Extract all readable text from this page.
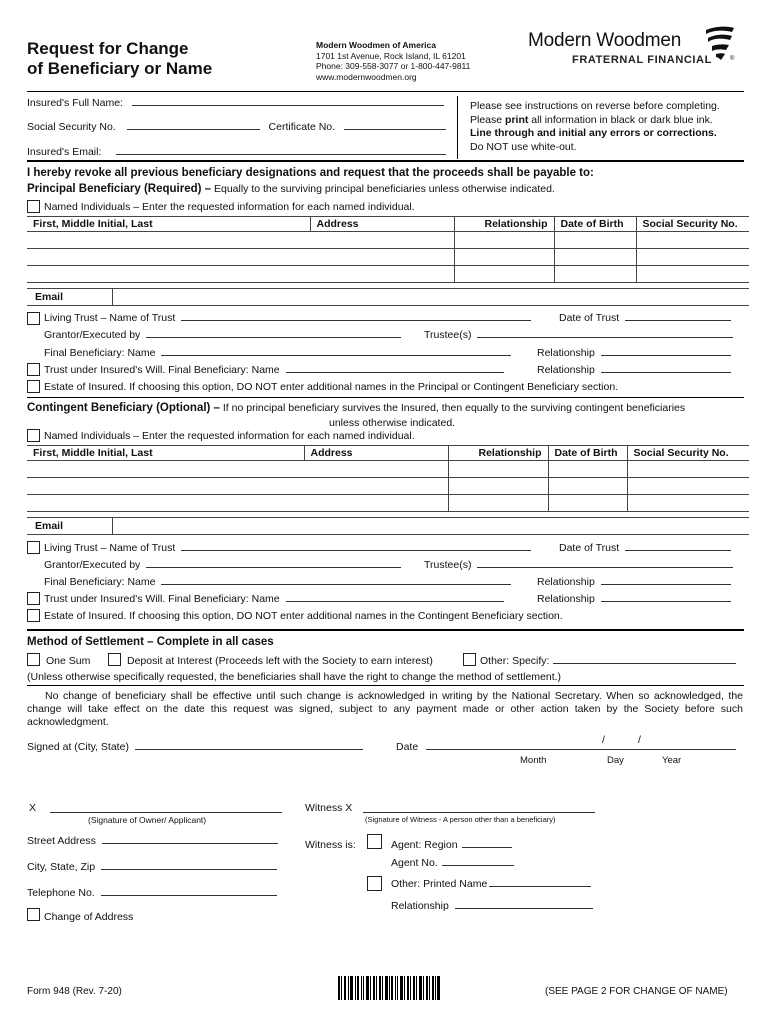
Request for Change
of Beneficiary or Name
Modern Woodmen of America
1701 1st Avenue, Rock Island, IL 61201
Phone: 309-558-3077 or 1-800-447-9811
www.modernwoodmen.org
Modern Woodmen
FRATERNAL FINANCIAL	®
Insured's Full Name:
Social Security No.	Certificate No.
Insured's Email:
Please see instructions on reverse before completing.
Please print all information in black or dark blue ink.
Line through and initial any errors or corrections.
Do NOT use white-out.
I hereby revoke all previous beneficiary designations and request that the proceeds shall be payable to:
Principal Beneficiary (Required) – Equally to the surviving principal beneficiaries unless otherwise indicated.
Named Individuals – Enter the requested information for each named individual.
First, Middle Initial, Last	Address	Relationship	Date of Birth	Social Security No.

Email
Living Trust – Name of Trust	Date of Trust
Grantor/Executed by	Trustee(s)
Final Beneficiary: Name	Relationship
Trust under Insured's Will. Final Beneficiary: Name	Relationship
Estate of Insured. If choosing this option, DO NOT enter additional names in the Principal or Contingent Beneficiary section.
Contingent Beneficiary (Optional) – If no principal beneficiary survives the Insured, then equally to the surviving contingent beneficiaries
unless otherwise indicated.
Named Individuals – Enter the requested information for each named individual.
First, Middle Initial, Last	Address	Relationship	Date of Birth	Social Security No.

Email
Living Trust – Name of Trust	Date of Trust
Grantor/Executed by	Trustee(s)
Final Beneficiary: Name	Relationship
Trust under Insured's Will. Final Beneficiary: Name	Relationship
Estate of Insured. If choosing this option, DO NOT enter additional names in the Contingent Beneficiary section.
Method of Settlement – Complete in all cases
One Sum	Deposit at Interest (Proceeds left with the Society to earn interest)	Other: Specify:
(Unless otherwise specifically requested, the beneficiaries shall have the right to change the method of settlement.)
No change of beneficiary shall be effective until such change is acknowledged in writing by the National Secretary. When so acknowledged, the change will take effect on the date this request was signed, subject to any payment made or other action taken by the Society before such acknowledgment.
Signed at (City, State)	Date
/	/
Month	Day	Year
X
(Signature of Owner/ Applicant)
Witness X
(Signature of Witness - A person other than a beneficiary)
Street Address	Witness is:	Agent: Region
Agent No.
City, State, Zip
Other: Printed Name
Telephone No.
Relationship
Change of Address
Form 948 (Rev. 7-20)	(SEE PAGE 2 FOR CHANGE OF NAME)
